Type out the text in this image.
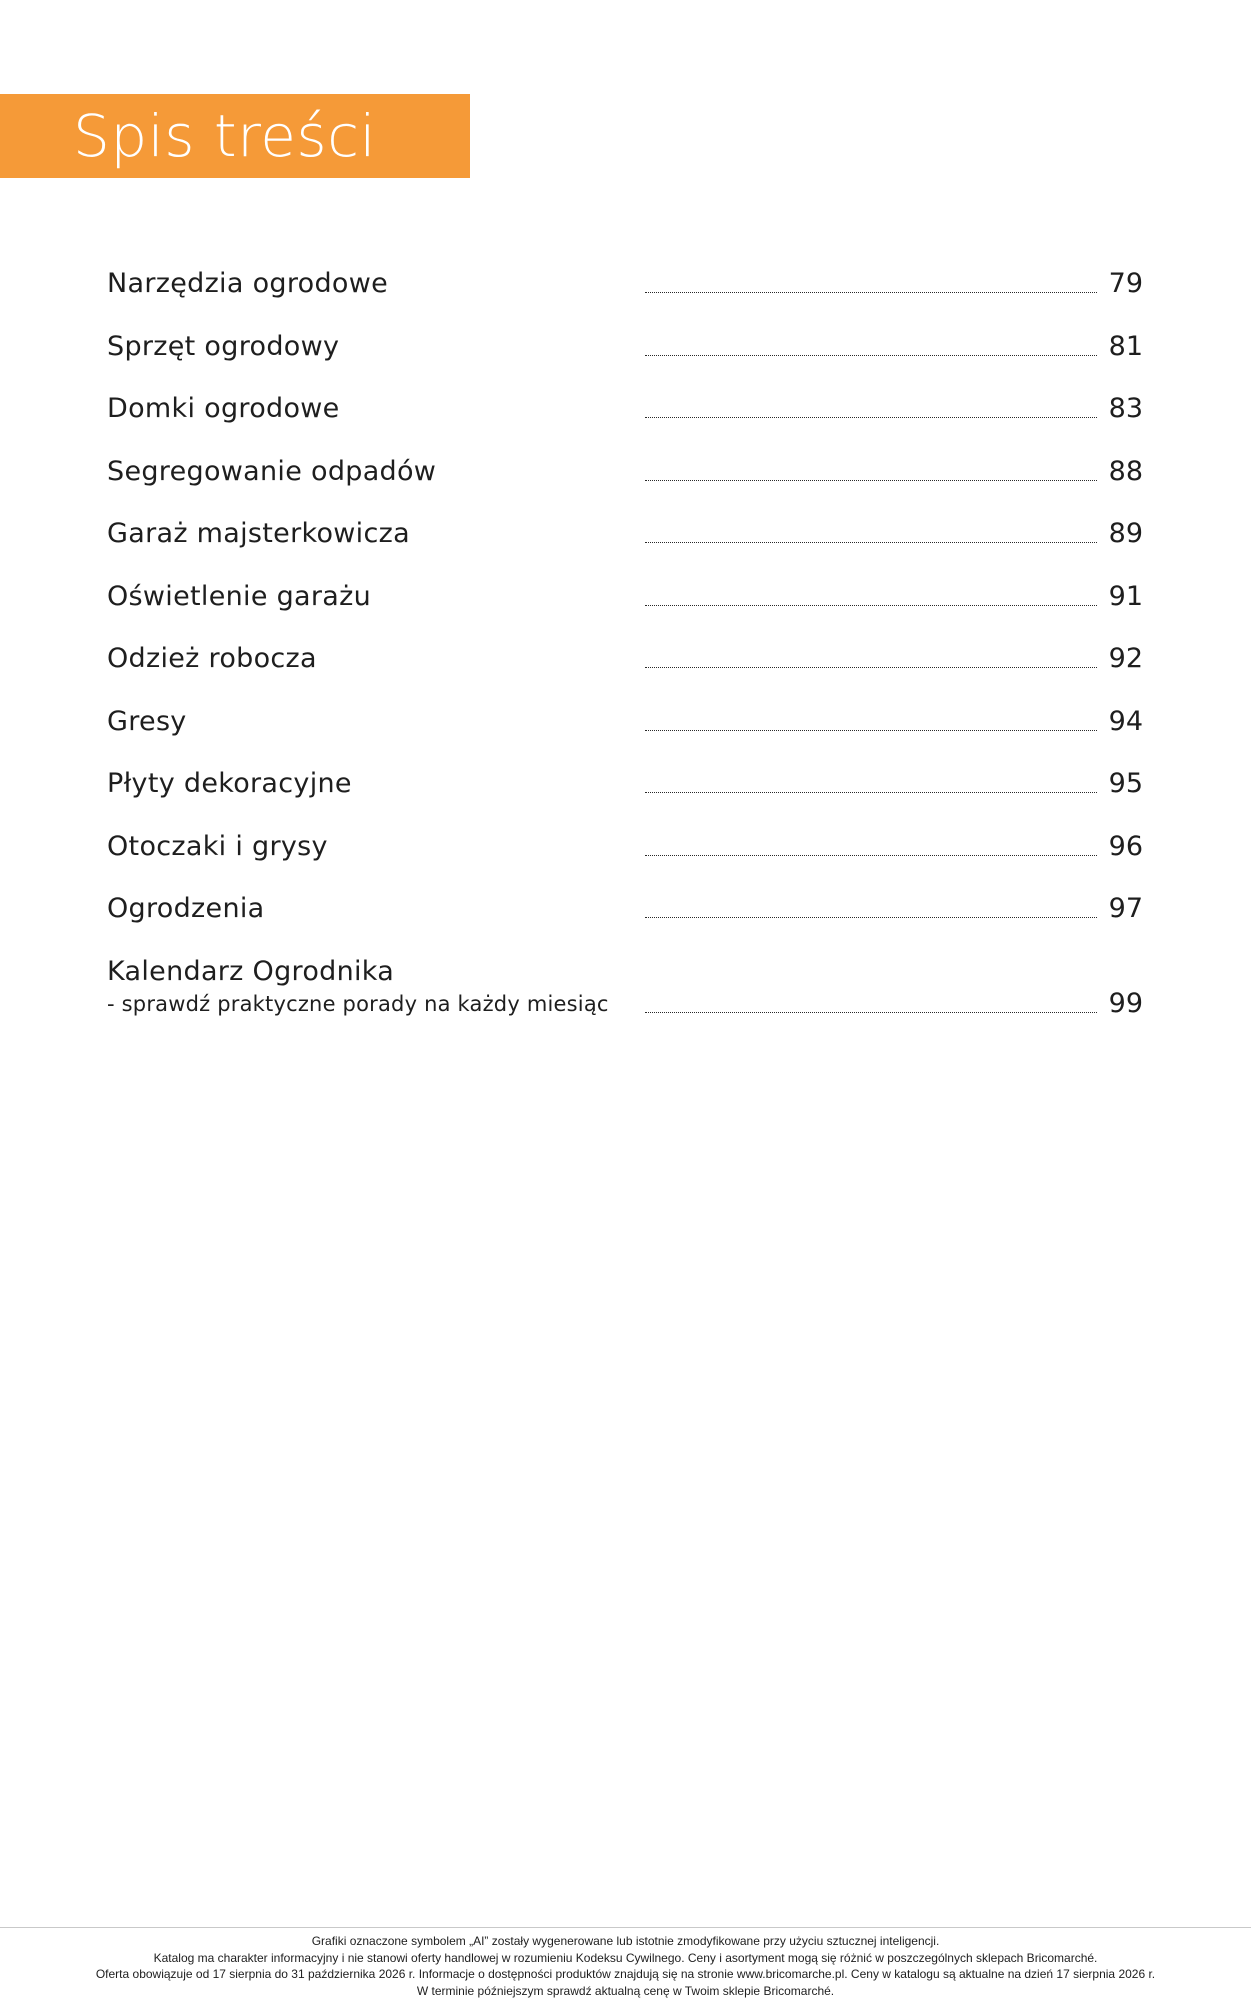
Spis treści
Narzędzia ogrodowe	79
Sprzęt ogrodowy	81
Domki ogrodowe	83
Segregowanie odpadów	88
Garaż majsterkowicza	89
Oświetlenie garażu	91
Odzież robocza	92
Gresy	94
Płyty dekoracyjne	95
Otoczaki i grysy	96
Ogrodzenia	97
Kalendarz Ogrodnika
- sprawdź praktyczne porady na każdy miesiąc	99
Grafiki oznaczone symbolem „AI” zostały wygenerowane lub istotnie zmodyfikowane przy użyciu sztucznej inteligencji.
Katalog ma charakter informacyjny i nie stanowi oferty handlowej w rozumieniu Kodeksu Cywilnego. Ceny i asortyment mogą się różnić w poszczególnych sklepach Bricomarché.
Oferta obowiązuje od 17 sierpnia do 31 października 2026 r. Informacje o dostępności produktów znajdują się na stronie www.bricomarche.pl. Ceny w katalogu są aktualne na dzień 17 sierpnia 2026 r.
W terminie późniejszym sprawdź aktualną cenę w Twoim sklepie Bricomarché.
